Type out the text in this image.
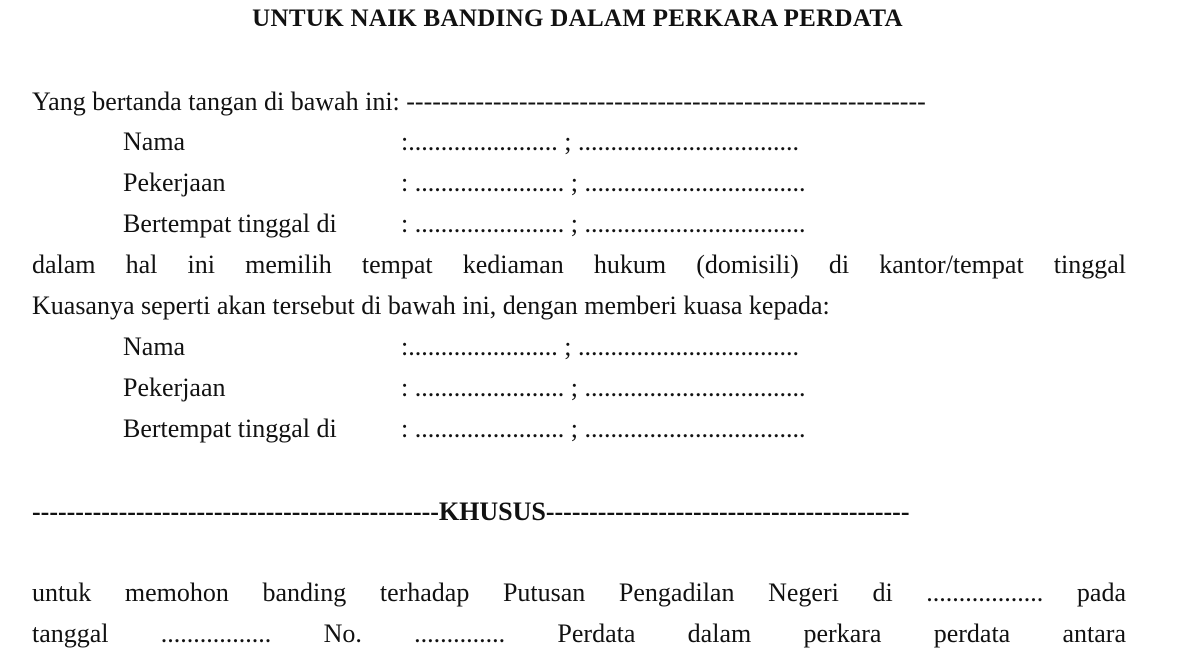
UNTUK NAIK BANDING DALAM PERKARA PERDATA
Yang bertanda tangan di bawah ini: ------------------------------------------------------------
Nama	:....................... ; ..................................
Pekerjaan	: ....................... ; ..................................
Bertempat tinggal di : ....................... ; ..................................
dalam hal ini memilih tempat kediaman hukum (domisili) di kantor/tempat tinggal
Kuasanya seperti akan tersebut di bawah ini, dengan memberi kuasa kepada:
Nama	:....................... ; ..................................
Pekerjaan	: ....................... ; ..................................
Bertempat tinggal di : ....................... ; ..................................
-----------------------------------------------KHUSUS------------------------------------------
untuk memohon banding terhadap Putusan Pengadilan Negeri di .................. pada
tanggal ................. No. .............. Perdata dalam perkara perdata antara
